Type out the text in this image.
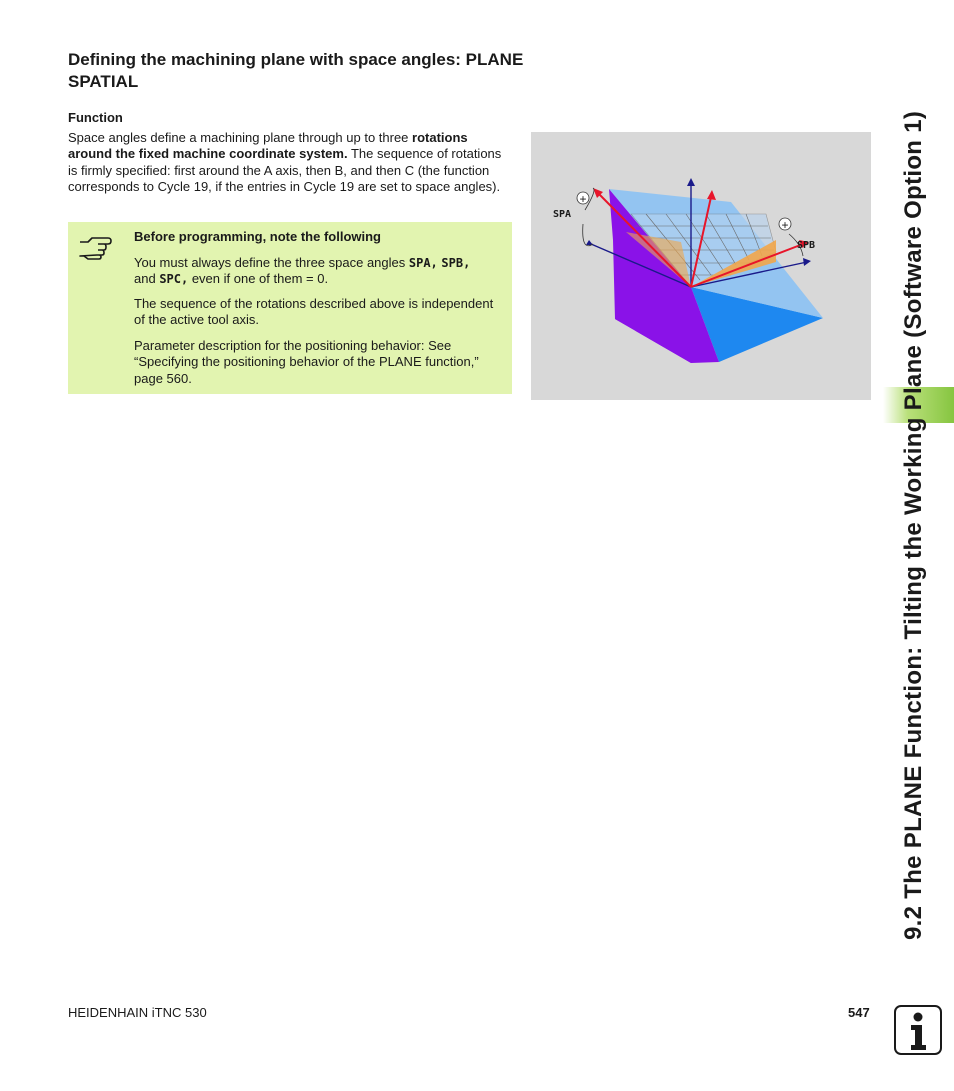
Defining the machining plane with space angles: PLANE SPATIAL
Function

Space angles define a machining plane through up to three rotations around the fixed machine coordinate system. The sequence of rotations is firmly specified: first around the A axis, then B, and then C (the function corresponds to Cycle 19, if the entries in Cycle 19 are set to space angles).

Before programming, note the following

You must always define the three space angles SPA, SPB,
and SPC, even if one of them = 0.

The sequence of the rotations described above is independent of the active tool axis.

Parameter description for the positioning behavior: See “Specifying the positioning behavior of the PLANE function,” page 560.

+
+
SPA
SPB	9.2 The PLANE Function: Tilting the Working Plane (Software Option 1)
HEIDENHAIN iTNC 530	547
